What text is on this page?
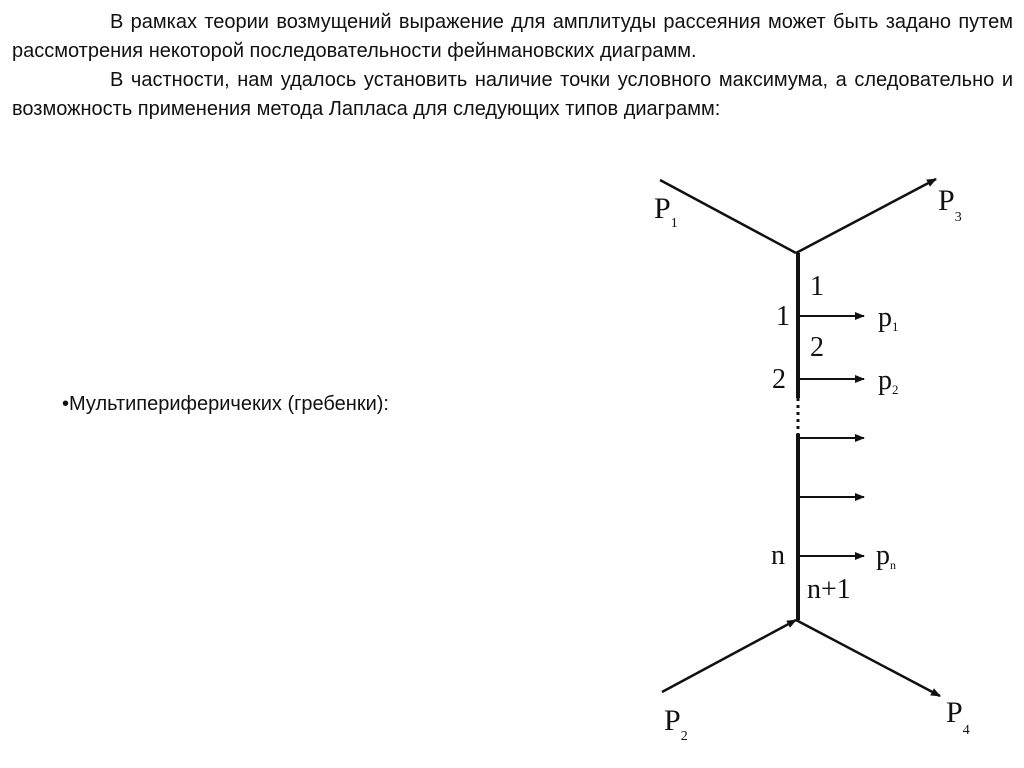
В рамках теории возмущений выражение для амплитуды рассеяния может быть задано путем рассмотрения некоторой последовательности фейнмановских диаграмм.

В частности, нам удалось установить наличие точки условного максимума, а следовательно и возможность применения метода Лапласа для следующих типов диаграмм:

•Мультипериферичеких (гребенки):

$P_1$
$P_3$
$P_2$
$P_4$
1
2
n+1
1
2
n
p1
p2
pn
